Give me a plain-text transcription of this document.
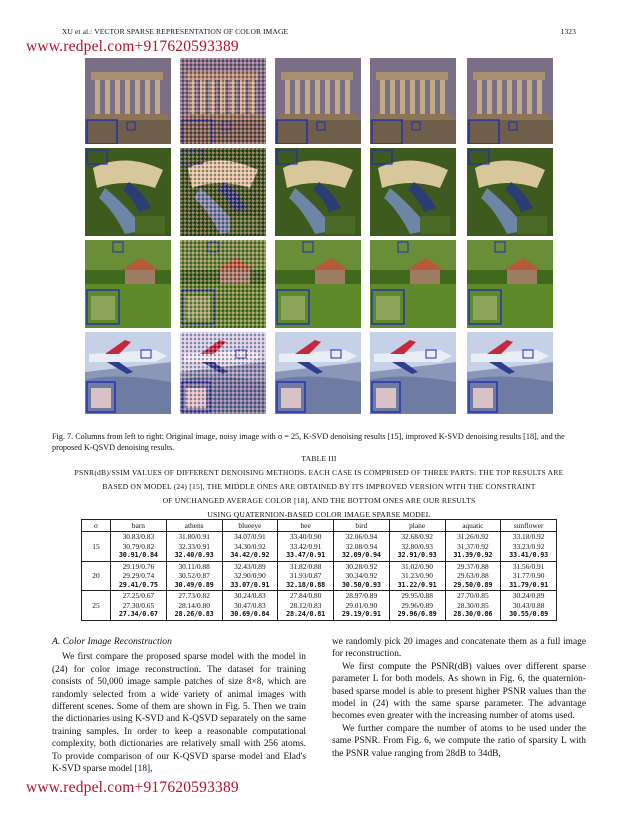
XU et al.: VECTOR SPARSE REPRESENTATION OF COLOR IMAGE	1323
www.redpel.com+917620593389
Fig. 7. Columns from left to right: Original image, noisy image with σ = 25, K-SVD denoising results [15], improved K-SVD denoising results [18], and the proposed K-QSVD denoising results.
TABLE III
PSNR(dB)/SSIM VALUES OF DIFFERENT DENOISING METHODS. EACH CASE IS COMPRISED OF THREE PARTS: THE TOP RESULTS ARE
BASED ON MODEL (24) [15], THE MIDDLE ONES ARE OBTAINED BY ITS IMPROVED VERSION WITH THE CONSTRAINT
OF UNCHANGED AVERAGE COLOR [18], AND THE BOTTOM ONES ARE OUR RESULTS
USING QUATERNION-BASED COLOR IMAGE SPARSE MODEL
σ	barn	athens	blueeye	bee	bird	plane	aquatic	sunflower
15	30.83/0.83
30.79/0.82
30.91/0.84	31.80/0.91
32.33/0.91
32.40/0.93	34.07/0.91
34.30/0.92
34.42/0.92	33.40/0.90
33.42/0.91
33.47/0.91	32.06/0.94
32.08/0.94
32.09/0.94	32.68/0.92
32.80/0.93
32.91/0.93	31.26/0.92
31.37/0.92
31.39/0.92	33.18/0.92
33.23/0.92
33.41/0.93

20	29.19/0.76
29.29/0.74
29.41/0.75	30.11/0.88
30.52/0.87
30.49/0.89	32.43/0.89
32.90/0.90
33.07/0.91	31.82/0.88
31.93/0.87
32.18/0.88	30.28/0.92
30.34/0.92
30.50/0.93	31.02/0.90
31.23/0.90
31.22/0.91	29.37/0.88
29.63/0.88
29.50/0.89	31.56/0.91
31.77/0.90
31.79/0.91

25	27.25/0.67
27.30/0.65
27.34/0.67	27.73/0.82
28.14/0.80
28.26/0.83	30.24/0.83
30.47/0.83
30.69/0.84	27.84/0.80
28.12/0.83
28.24/0.81	28.97/0.89
29.01/0.90
29.19/0.91	29.95/0.88
29.96/0.89
29.96/0.89	27.70/0.85
28.30/0.85
28.30/0.86	30.24/0.89
30.43/0.88
30.55/0.89
A. Color Image Reconstruction

We first compare the proposed sparse model with the model in (24) for color image reconstruction. The dataset for training consists of 50,000 image sample patches of size 8×8, which are randomly selected from a wide variety of animal images with different scenes. Some of them are shown in Fig. 5. Then we train the dictionaries using K-SVD and K-QSVD separately on the same training samples. In order to keep a reasonable computational complexity, both dictionaries are relatively small with 256 atoms. To provide comparison of our K-QSVD sparse model and Elad's K-SVD sparse model [18],

we randomly pick 20 images and concatenate them as a full image for reconstruction.

We first compute the PSNR(dB) values over different sparse parameter L for both models. As shown in Fig. 6, the quaternion-based sparse model is able to present higher PSNR values than the model in (24) with the same sparse parameter. The advantage becomes even greater with the increasing number of atoms used.

We further compare the number of atoms to be used under the same PSNR. From Fig. 6, we compute the ratio of sparsity L with the PSNR value ranging from 28dB to 34dB,

www.redpel.com+917620593389
